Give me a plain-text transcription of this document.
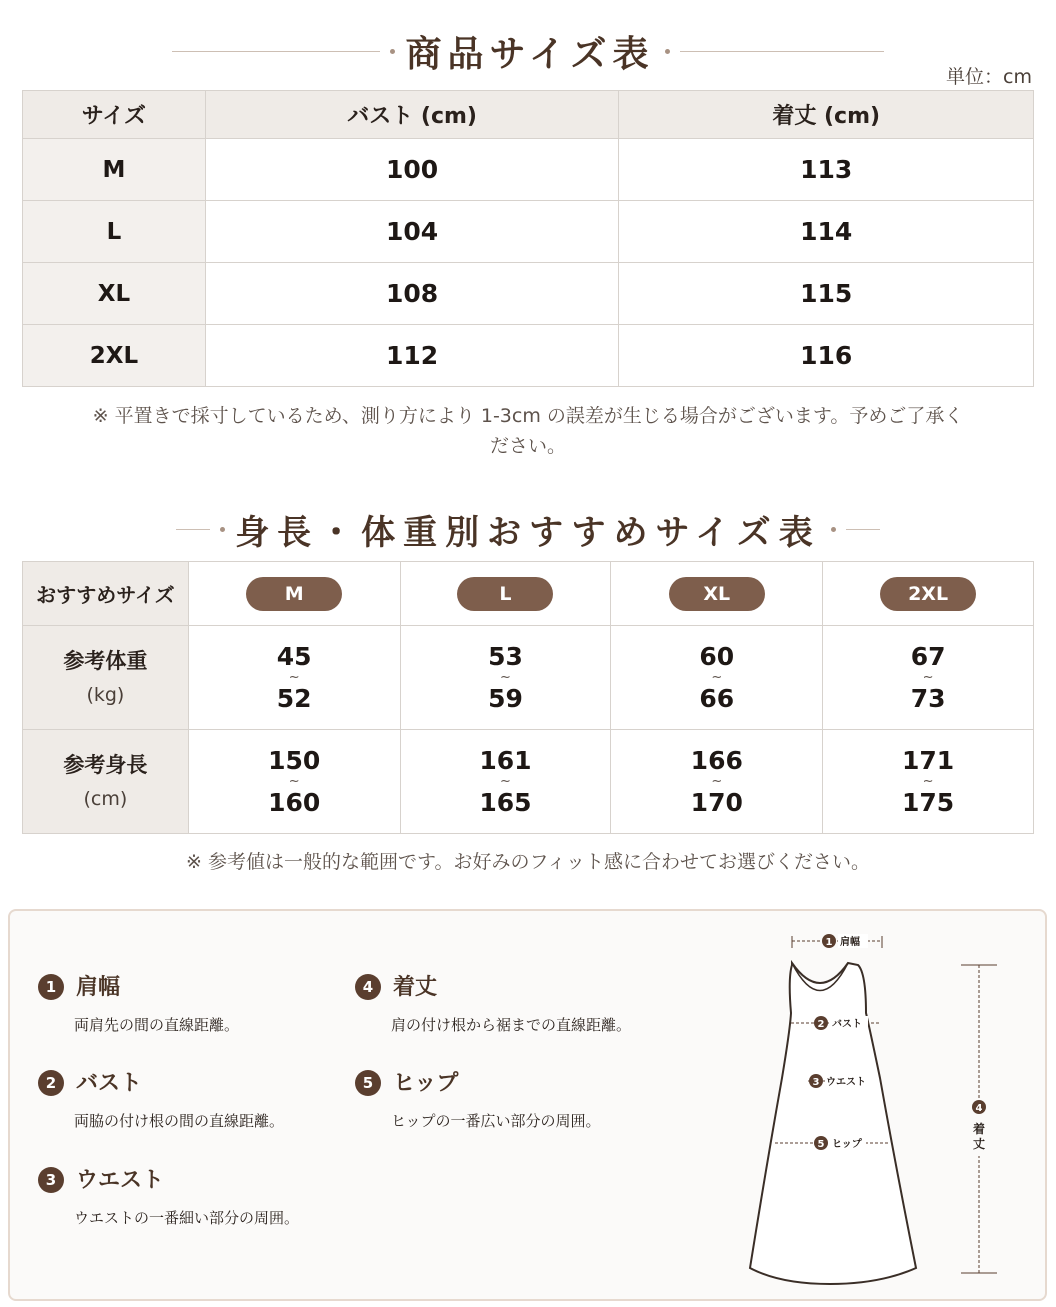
商品サイズ表
単位：cm
サイズ	バスト (cm)	着丈 (cm)
M	100	113
L	104	114
XL	108	115
2XL	112	116
※ 平置きで採寸しているため、測り方により 1-3cm の誤差が生じる場合がございます。予めご了承く
ださい。
身長・体重別おすすめサイズ表
おすすめサイズ	M	L	XL	2XL
参考体重
(kg)	45
~
52	53
~
59	60
~
66	67
~
73
参考身長
(cm)	150
~
160	161
~
165	166
~
170	171
~
175
※ 参考値は一般的な範囲です。お好みのフィット感に合わせてお選びください。
1 肩幅
両肩先の間の直線距離。
2 バスト
両脇の付け根の間の直線距離。
3 ウエスト
ウエストの一番細い部分の周囲。
4 着丈
肩の付け根から裾までの直線距離。
5 ヒップ
ヒップの一番広い部分の周囲。
1 肩幅
2 バスト
3 ウエスト
5 ヒップ
4
着
丈
